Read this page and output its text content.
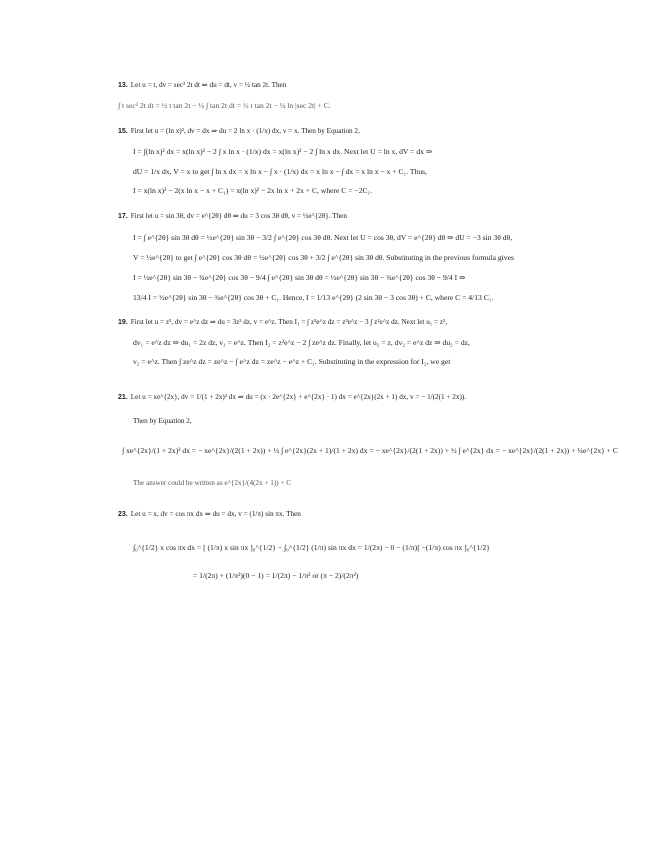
13. Let u = t, dv = sec² 2t dt ⇒ du = dt, v = ½ tan 2t. Then
∫ t sec² 2t dt = ½ t tan 2t − ½ ∫ tan 2t dt = ½ t tan 2t − ¼ ln |sec 2t| + C.
15. First let u = (ln x)², dv = dx ⇒ du = 2 ln x · (1/x) dx, v = x. Then by Equation 2,
I = ∫(ln x)² dx = x(ln x)² − 2 ∫ x ln x · (1/x) dx = x(ln x)² − 2 ∫ ln x dx. Next let U = ln x, dV = dx ⇒
dU = 1/x dx, V = x to get ∫ ln x dx = x ln x − ∫ x · (1/x) dx = x ln x − ∫ dx = x ln x − x + C₁. Thus,
I = x(ln x)² − 2(x ln x − x + C₁) = x(ln x)² − 2x ln x + 2x + C, where C = −2C₁.
17. First let u = sin 3θ, dv = e^{2θ} dθ ⇒ du = 3 cos 3θ dθ, v = ½e^{2θ}. Then
I = ∫ e^{2θ} sin 3θ dθ = ½e^{2θ} sin 3θ − 3/2 ∫ e^{2θ} cos 3θ dθ. Next let U = cos 3θ, dV = e^{2θ} dθ ⇒ dU = −3 sin 3θ dθ,
V = ½e^{2θ} to get ∫ e^{2θ} cos 3θ dθ = ½e^{2θ} cos 3θ + 3/2 ∫ e^{2θ} sin 3θ dθ. Substituting in the previous formula gives
I = ½e^{2θ} sin 3θ − ¾e^{2θ} cos 3θ − 9/4 ∫ e^{2θ} sin 3θ dθ = ½e^{2θ} sin 3θ − ¾e^{2θ} cos 3θ − 9/4 I ⇒
13/4 I = ½e^{2θ} sin 3θ − ¾e^{2θ} cos 3θ + C₁. Hence, I = 1/13 e^{2θ} (2 sin 3θ − 3 cos 3θ) + C, where C = 4/13 C₁.
19. First let u = z³, dv = e^z dz ⇒ du = 3z² dz, v = e^z. Then I₁ = ∫ z³e^z dz = z³e^z − 3 ∫ z²e^z dz. Next let u₁ = z²,
dv₁ = e^z dz ⇒ du₁ = 2z dz, v₁ = e^z. Then I₂ = z²e^z − 2 ∫ ze^z dz. Finally, let u₂ = z, dv₂ = e^z dz ⇒ du₂ = dz,
v₂ = e^z. Then ∫ ze^z dz = ze^z − ∫ e^z dz = ze^z − e^z + C₁. Substituting in the expression for I₂, we get
21. Let u = xe^{2x}, dv = 1/(1 + 2x)² dx ⇒ du = (x · 2e^{2x} + e^{2x} · 1) dx = e^{2x}(2x + 1) dx, v = − 1/(2(1 + 2x)).
Then by Equation 2,
∫ xe^{2x}/(1 + 2x)² dx = − xe^{2x}/(2(1 + 2x)) + ½ ∫ e^{2x}(2x + 1)/(1 + 2x) dx = − xe^{2x}/(2(1 + 2x)) + ½ ∫ e^{2x} dx = − xe^{2x}/(2(1 + 2x)) + ¼e^{2x} + C
The answer could be written as e^{2x}/(4(2x + 1)) + C
23. Let u = x, dv = cos πx dx ⇒ du = dx, v = (1/π) sin πx. Then
∫₀^{1/2} x cos πx dx = [ (1/π) x sin πx ]₀^{1/2} − ∫₀^{1/2} (1/π) sin πx dx = 1/(2π) − 0 − (1/π)[ −(1/π) cos πx ]₀^{1/2}
= 1/(2π) + (1/π²)(0 − 1) = 1/(2π) − 1/π² or (π − 2)/(2π²)
